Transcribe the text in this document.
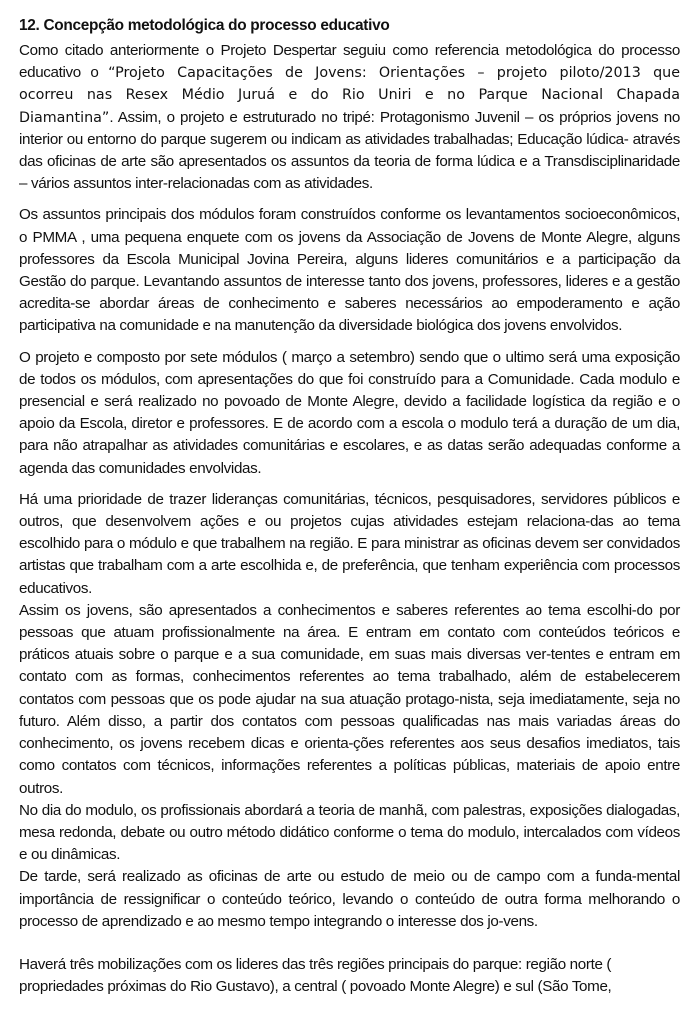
12. Concepção metodológica do processo educativo

Como citado anteriormente o Projeto Despertar seguiu como referencia metodológica do processo educativo o “Projeto Capacitações de Jovens: Orientações – projeto piloto/2013 que ocorreu nas Resex Médio Juruá e do Rio Uniri e no Parque Nacional Chapada Diamantina”. Assim, o projeto e estruturado no tripé: Protagonismo Juvenil – os próprios jovens no interior ou entorno do parque sugerem ou indicam as atividades trabalhadas; Educação lúdica- através das oficinas de arte são apresentados os assuntos da teoria de forma lúdica e a Transdisciplinaridade – vários assuntos inter-relacionadas com as atividades.

Os assuntos principais dos módulos foram construídos conforme os levantamentos socioeconômicos, o PMMA , uma pequena enquete com os jovens da Associação de Jovens de Monte Alegre, alguns professores da Escola Municipal Jovina Pereira, alguns lideres comunitários e a participação da Gestão do parque. Levantando assuntos de interesse tanto dos jovens, professores, lideres e a gestão acredita-se abordar áreas de conhecimento e saberes necessários ao empoderamento e ação participativa na comunidade e na manutenção da diversidade biológica dos jovens envolvidos.

O projeto e composto por sete módulos ( março a setembro) sendo que o ultimo será uma exposição de todos os módulos, com apresentações do que foi construído para a Comunidade. Cada modulo e presencial e será realizado no povoado de Monte Alegre, devido a facilidade logística da região e o apoio da Escola, diretor e professores. E de acordo com a escola o modulo terá a duração de um dia, para não atrapalhar as atividades comunitárias e escolares, e as datas serão adequadas conforme a agenda das comunidades envolvidas.

Há uma prioridade de trazer lideranças comunitárias, técnicos, pesquisadores, servidores públicos e outros, que desenvolvem ações e ou projetos cujas atividades estejam relaciona-das ao tema escolhido para o módulo e que trabalhem na região. E para ministrar as oficinas devem ser convidados artistas que trabalham com a arte escolhida e, de preferência, que tenham experiência com processos educativos.

Assim os jovens, são apresentados a conhecimentos e saberes referentes ao tema escolhi-do por pessoas que atuam profissionalmente na área. E entram em contato com conteúdos teóricos e práticos atuais sobre o parque e a sua comunidade, em suas mais diversas ver-tentes e entram em contato com as formas, conhecimentos referentes ao tema trabalhado, além de estabelecerem contatos com pessoas que os pode ajudar na sua atuação protago-nista, seja imediatamente, seja no futuro. Além disso, a partir dos contatos com pessoas qualificadas nas mais variadas áreas do conhecimento, os jovens recebem dicas e orienta-ções referentes aos seus desafios imediatos, tais como contatos com técnicos, informações referentes a políticas públicas, materiais de apoio entre outros.

No dia do modulo, os profissionais abordará a teoria de manhã, com palestras, exposições dialogadas, mesa redonda, debate ou outro método didático conforme o tema do modulo, intercalados com vídeos e ou dinâmicas.

De tarde, será realizado as oficinas de arte ou estudo de meio ou de campo com a funda-mental importância de ressignificar o conteúdo teórico, levando o conteúdo de outra forma melhorando o processo de aprendizado e ao mesmo tempo integrando o interesse dos jo-vens.

Haverá três mobilizações com os lideres das três regiões principais do parque: região norte ( propriedades próximas do Rio Gustavo), a central ( povoado Monte Alegre) e sul (São Tome,
